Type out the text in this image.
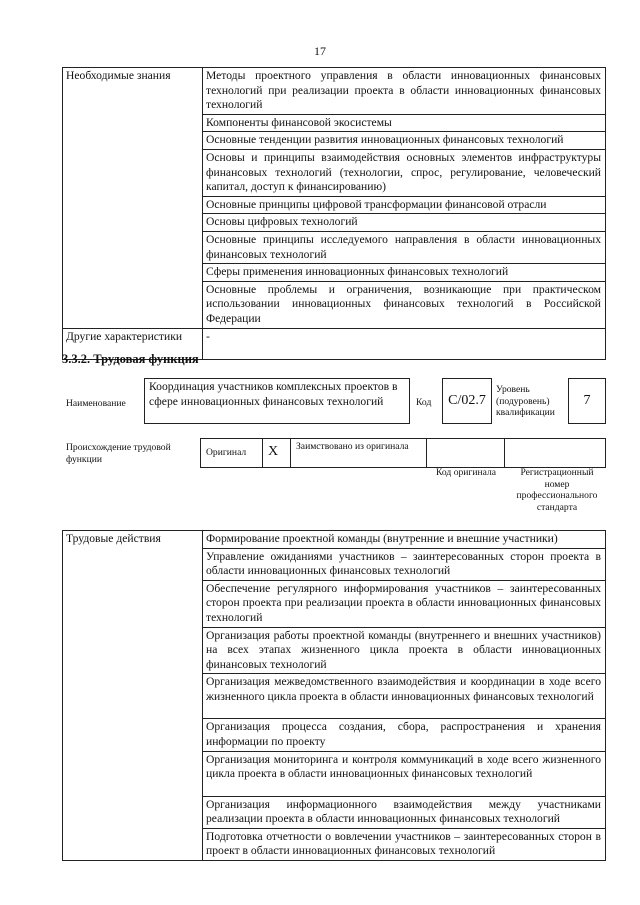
17
Необходимые знания	Методы проектного управления в области инновационных финансовых технологий при реализации проекта в области инновационных финансовых технологий
	Компоненты финансовой экосистемы
	Основные тенденции развития инновационных финансовых технологий
	Основы и принципы взаимодействия основных элементов инфраструктуры финансовых технологий (технологии, спрос, регулирование, человеческий капитал, доступ к финансированию)
	Основные принципы цифровой трансформации финансовой отрасли
	Основы цифровых технологий
	Основные принципы исследуемого направления в области инновационных финансовых технологий
	Сферы применения инновационных финансовых технологий
	Основные проблемы и ограничения, возникающие при практическом использовании инновационных финансовых технологий в Российской Федерации
Другие характеристики	-
3.3.2. Трудовая функция
Наименование
Координация участников комплексных проектов в сфере инновационных финансовых технологий	Код	C/02.7
Уровень (подуровень) квалификации
7
Происхождение трудовой функции
Оригинал X Заимствовано из оригинала
Код оригинала	Регистрационный номер профессионального стандарта
Трудовые действия	Формирование проектной команды (внутренние и внешние участники)
Управление ожиданиями участников – заинтересованных сторон проекта в области инновационных финансовых технологий
Обеспечение регулярного информирования участников – заинтересованных сторон проекта при реализации проекта в области инновационных финансовых технологий
Организация работы проектной команды (внутреннего и внешних участников) на всех этапах жизненного цикла проекта в области инновационных финансовых технологий
Организация межведомственного взаимодействия и координации в ходе всего жизненного цикла проекта в области инновационных финансовых технологий
Организация процесса создания, сбора, распространения и хранения информации по проекту
Организация мониторинга и контроля коммуникаций в ходе всего жизненного цикла проекта в области инновационных финансовых технологий
Организация информационного взаимодействия между участниками реализации проекта в области инновационных финансовых технологий
Подготовка отчетности о вовлечении участников – заинтересованных сторон в проект в области инновационных финансовых технологий
